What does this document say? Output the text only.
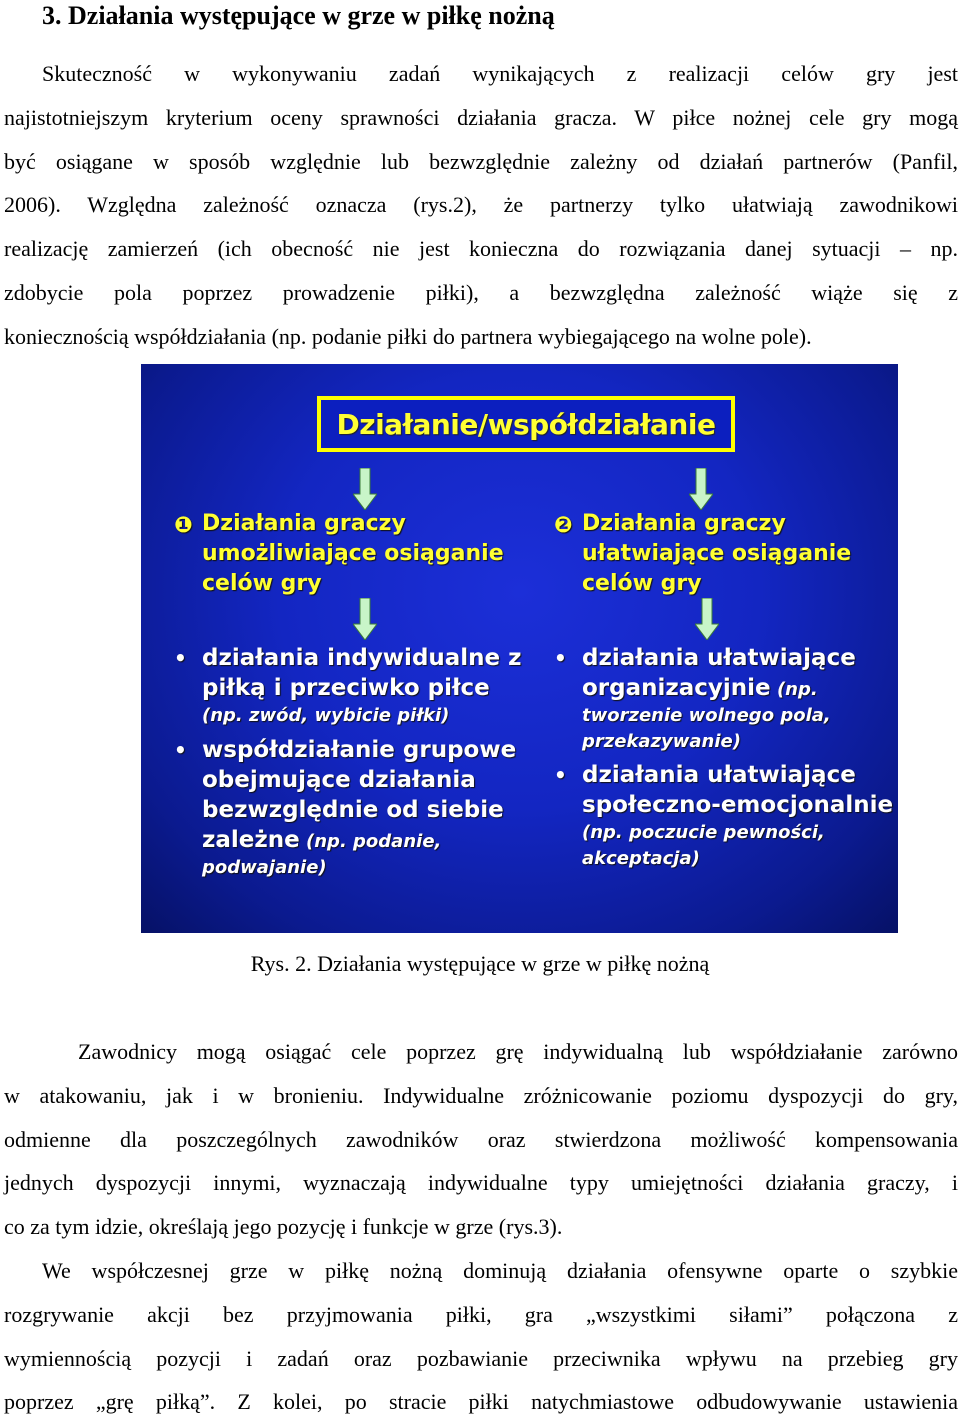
3. Działania występujące w grze w piłkę nożną
Skuteczność w wykonywaniu zadań wynikających z realizacji celów gry jest
najistotniejszym kryterium oceny sprawności działania gracza. W piłce nożnej cele gry mogą
być osiągane w sposób względnie lub bezwzględnie zależny od działań partnerów (Panfil,
2006). Względna zależność oznacza (rys.2), że partnerzy tylko ułatwiają zawodnikowi
realizację zamierzeń (ich obecność nie jest konieczna do rozwiązania danej sytuacji – np.
zdobycie pola poprzez prowadzenie piłki), a bezwzględna zależność wiąże się z
koniecznością współdziałania (np. podanie piłki do partnera wybiegającego na wolne pole).
Działanie/współdziałanie
❶ Działania graczy
umożliwiające osiąganie
celów gry
• działania indywidualne z
piłką i przeciwko piłce
(np. zwód, wybicie piłki)
• współdziałanie grupowe
obejmujące działania
bezwzględnie od siebie
zależne (np. podanie,
podwajanie)
❷ Działania graczy
ułatwiające osiąganie
celów gry
• działania ułatwiające
organizacyjnie (np.
tworzenie wolnego pola,
przekazywanie)
• działania ułatwiające
społeczno-emocjonalnie
(np. poczucie pewności,
akceptacja)
Rys. 2. Działania występujące w grze w piłkę nożną
Zawodnicy mogą osiągać cele poprzez grę indywidualną lub współdziałanie zarówno
w atakowaniu, jak i w bronieniu. Indywidualne zróżnicowanie poziomu dyspozycji do gry,
odmienne dla poszczególnych zawodników oraz stwierdzona możliwość kompensowania
jednych dyspozycji innymi, wyznaczają indywidualne typy umiejętności działania graczy, i
co za tym idzie, określają jego pozycję i funkcje w grze (rys.3).
We współczesnej grze w piłkę nożną dominują działania ofensywne oparte o szybkie
rozgrywanie akcji bez przyjmowania piłki, gra „wszystkimi siłami” połączona z
wymiennością pozycji i zadań oraz pozbawianie przeciwnika wpływu na przebieg gry
poprzez „grę piłką”. Z kolei, po stracie piłki natychmiastowe odbudowywanie ustawienia
